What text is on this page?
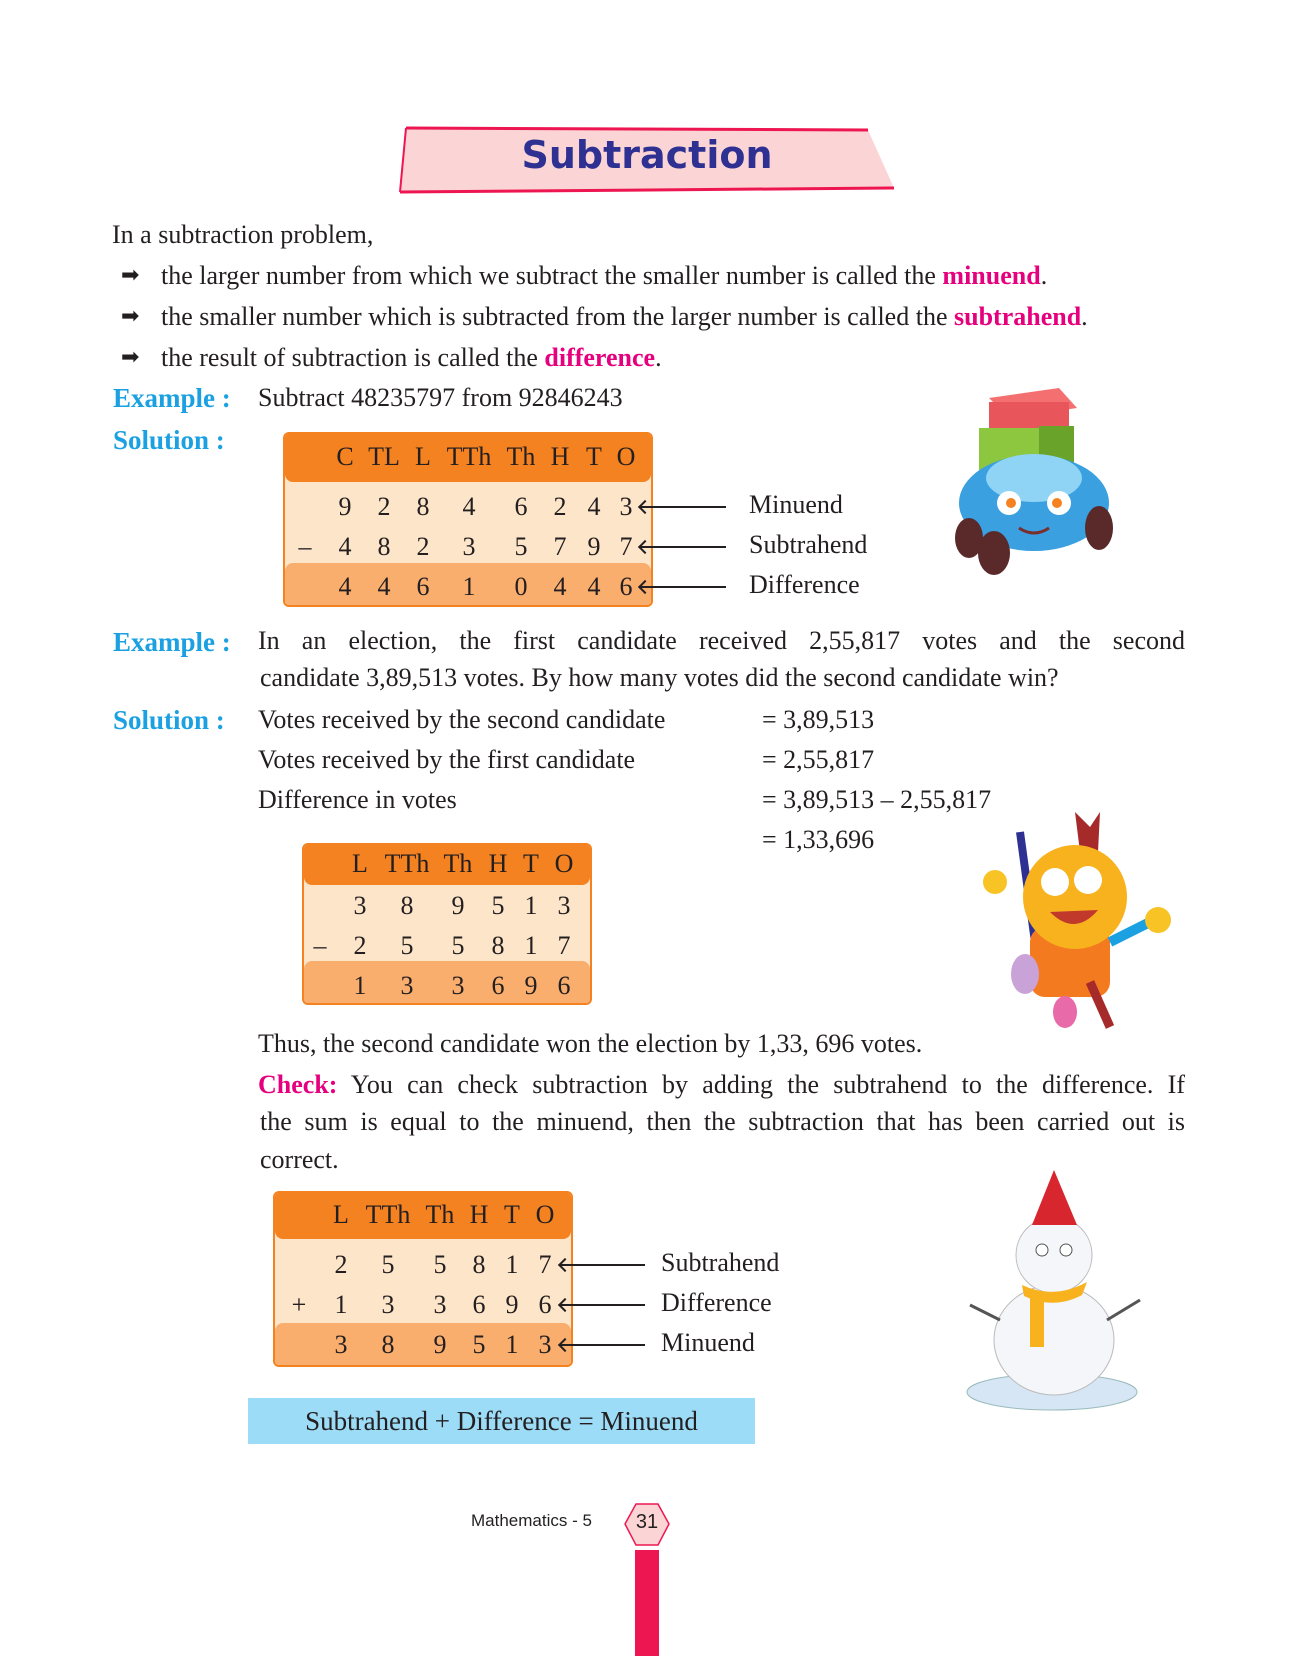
Subtraction
In a subtraction problem,
➡ the larger number from which we subtract the smaller number is called the minuend.
➡ the smaller number which is subtracted from the larger number is called the subtrahend.
➡ the result of subtraction is called the difference.
Example : Subtract 48235797 from 92846243
Solution :
C TL L TTh Th H T O
9 2 8 4 6 2 4 3
– 4 8 2 3 5 7 9 7
4 4 6 1 0 4 4 6
Example : In an election, the first candidate received 2,55,817 votes and the second
candidate 3,89,513 votes. By how many votes did the second candidate win?
Solution : Votes received by the second candidate	= 3,89,513
Votes received by the first candidate	= 2,55,817
Difference in votes	= 3,89,513 – 2,55,817
= 1,33,696
L TTh Th H T O
3 8 9 5 1 3
– 2 5 5 8 1 7
1 3 3 6 9 6
Thus, the second candidate won the election by 1,33, 696 votes.
Check: You can check subtraction by adding the subtrahend to the difference. If
the sum is equal to the minuend, then the subtraction that has been carried out is
correct.
L TTh Th H T O
2 5 5 8 1 7
+ 1 3 3 6 9 6
3 8 9 5 1 3
Subtrahend + Difference = Minuend
Mathematics - 5	31
Minuend
Subtrahend
Difference
Subtrahend
Difference
Minuend
